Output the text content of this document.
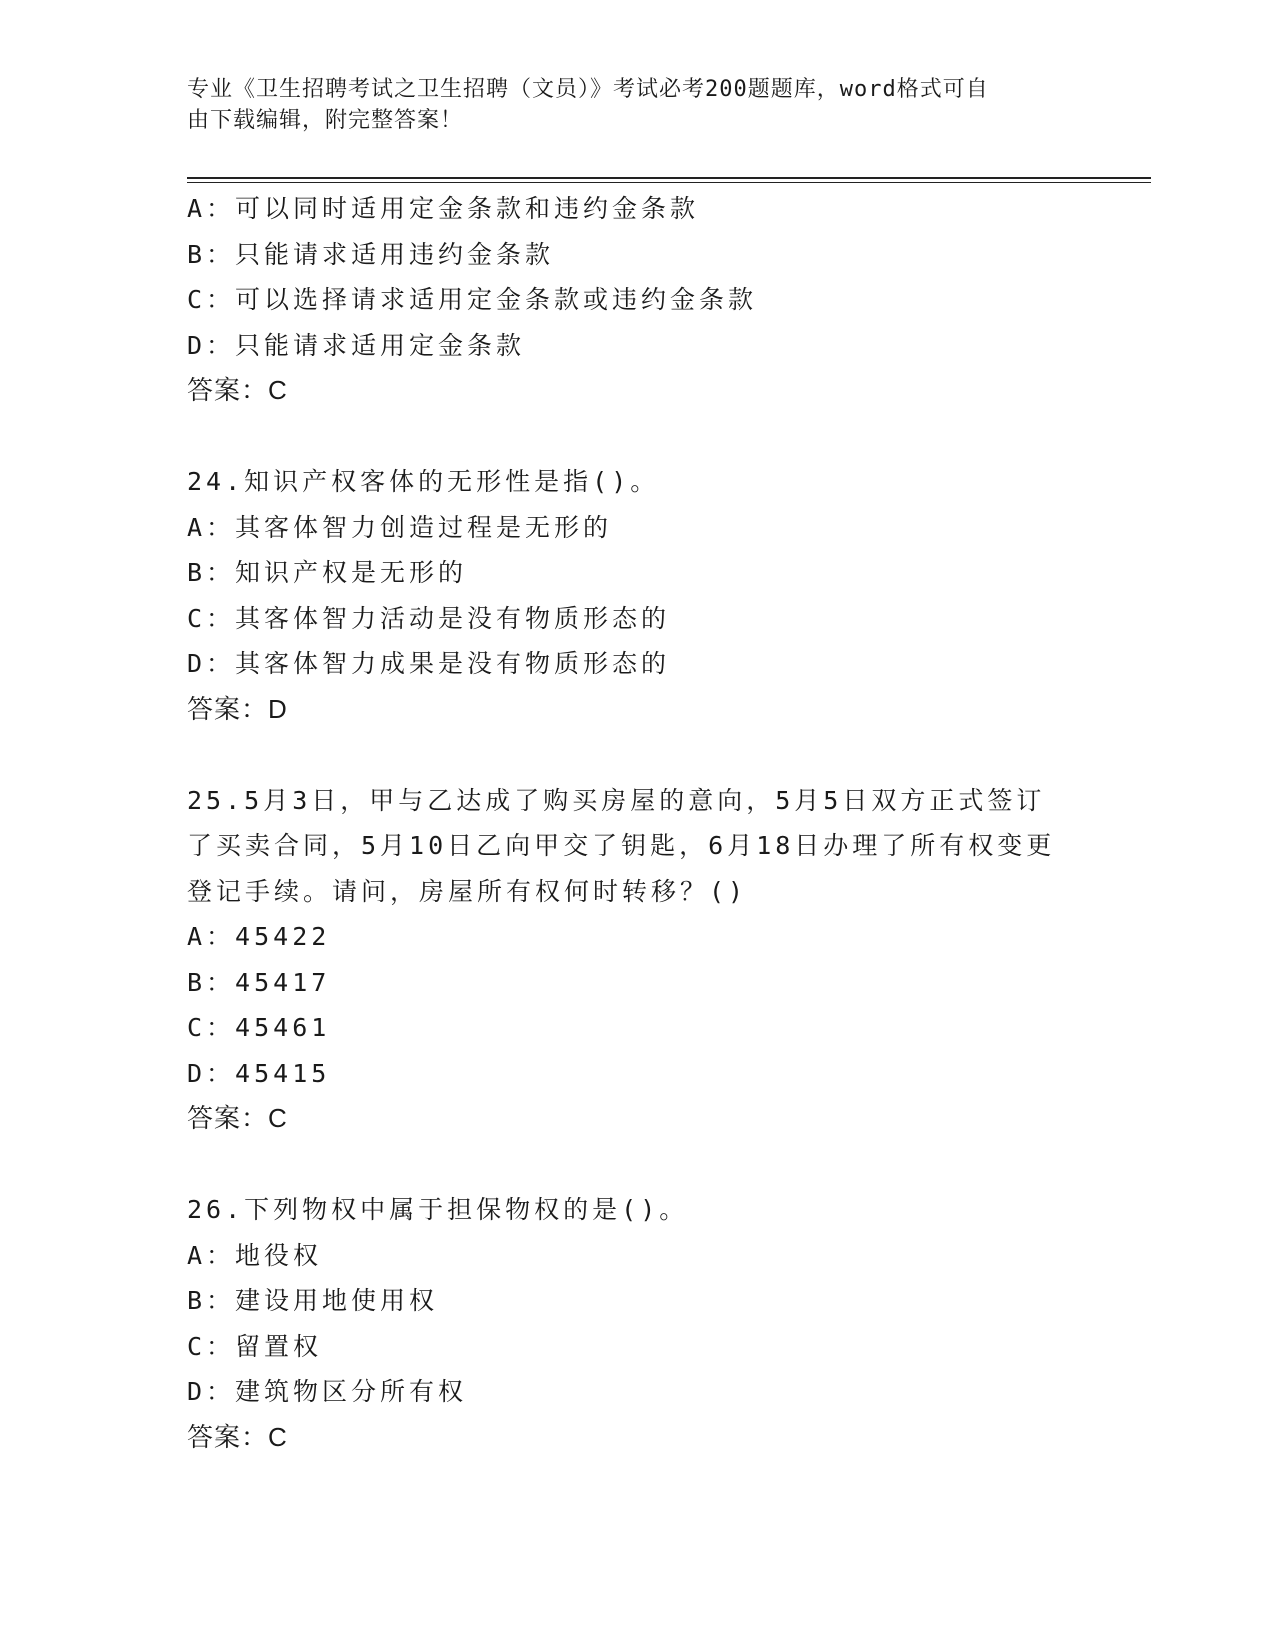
专业《卫生招聘考试之卫生招聘（文员）》考试必考200题题库，word格式可自
由下载编辑，附完整答案！
A：可以同时适用定金条款和违约金条款
B：只能请求适用违约金条款
C：可以选择请求适用定金条款或违约金条款
D：只能请求适用定金条款
答案：C
24.知识产权客体的无形性是指()。
A：其客体智力创造过程是无形的
B：知识产权是无形的
C：其客体智力活动是没有物质形态的
D：其客体智力成果是没有物质形态的
答案：D
25.5月3日，甲与乙达成了购买房屋的意向，5月5日双方正式签订
了买卖合同，5月10日乙向甲交了钥匙，6月18日办理了所有权变更
登记手续。请问，房屋所有权何时转移？()
A：45422
B：45417
C：45461
D：45415
答案：C
26.下列物权中属于担保物权的是()。
A：地役权
B：建设用地使用权
C：留置权
D：建筑物区分所有权
答案：C
